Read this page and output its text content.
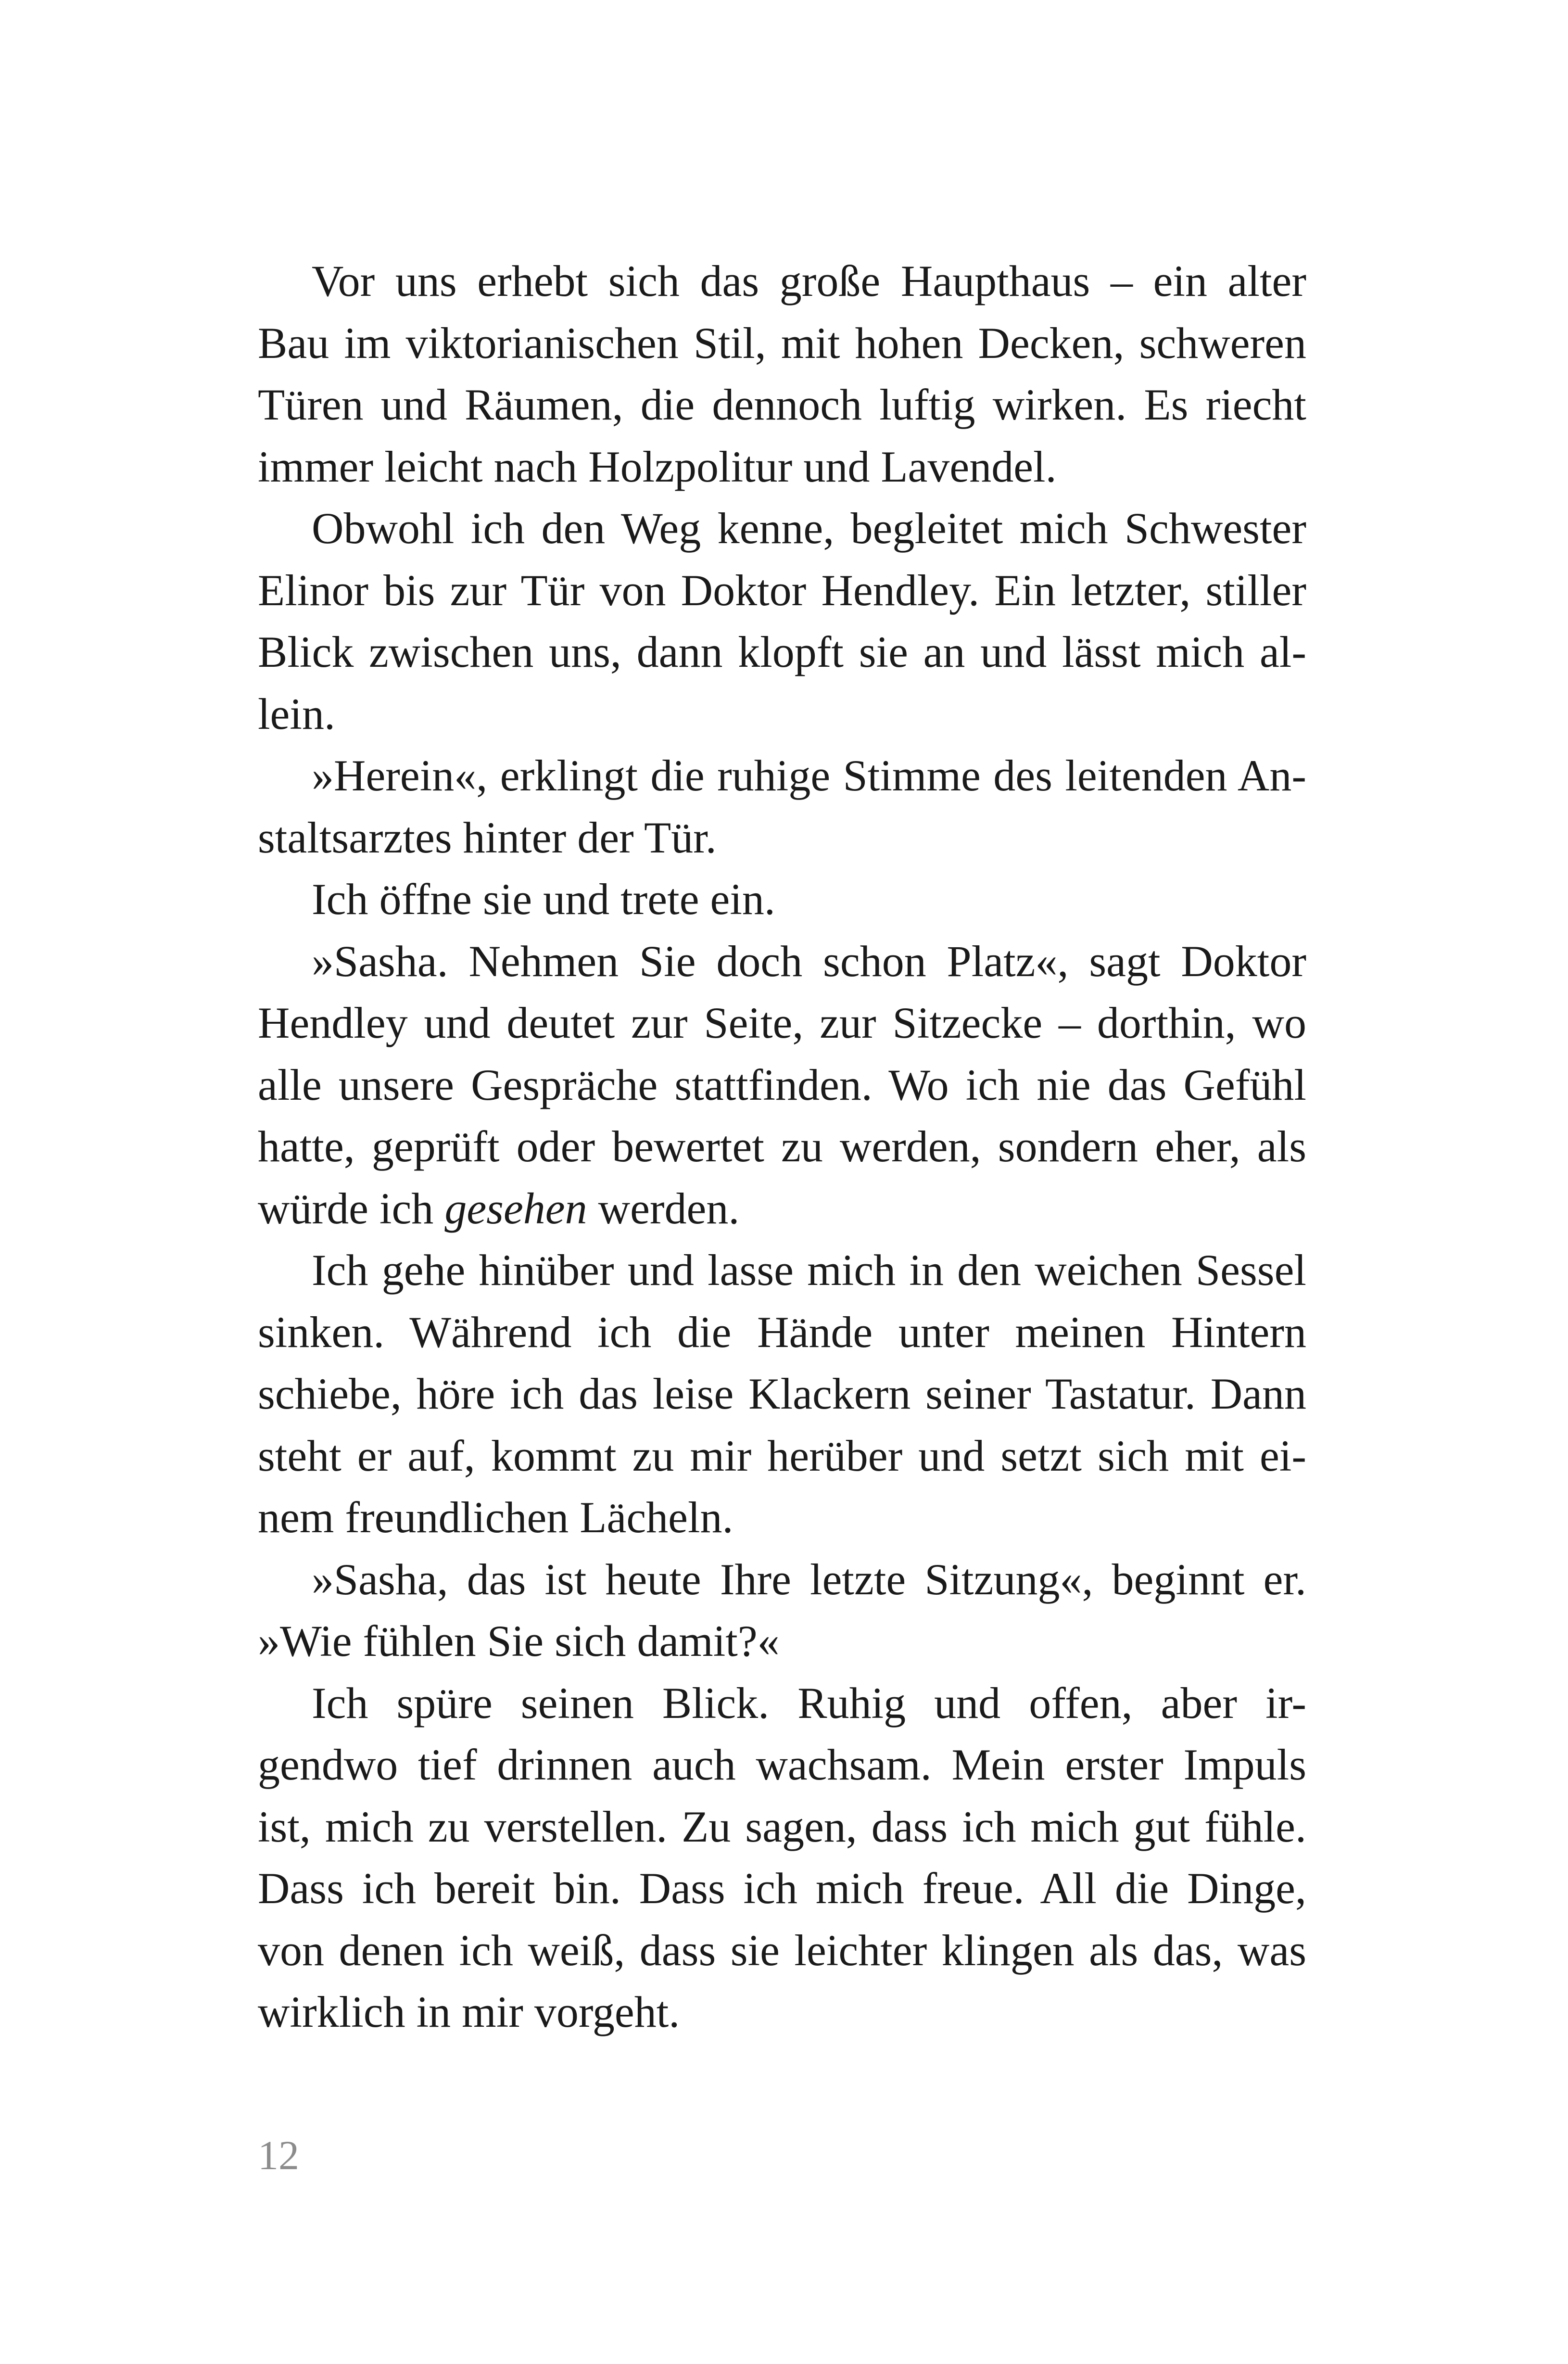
Vor uns erhebt sich das große Haupthaus – ein alter
Bau im viktorianischen Stil, mit hohen Decken, schweren
Türen und Räumen, die dennoch luftig wirken. Es riecht
immer leicht nach Holzpolitur und Lavendel.
Obwohl ich den Weg kenne, begleitet mich Schwester
Elinor bis zur Tür von Doktor Hendley. Ein letzter, stiller
Blick zwischen uns, dann klopft sie an und lässt mich al-
lein.
»Herein«, erklingt die ruhige Stimme des leitenden An-
staltsarztes hinter der Tür.
Ich öffne sie und trete ein.
»Sasha. Nehmen Sie doch schon Platz«, sagt Doktor
Hendley und deutet zur Seite, zur Sitzecke – dorthin, wo
alle unsere Gespräche stattfinden. Wo ich nie das Gefühl
hatte, geprüft oder bewertet zu werden, sondern eher, als
würde ich gesehen werden.
Ich gehe hinüber und lasse mich in den weichen Sessel
sinken. Während ich die Hände unter meinen Hintern
schiebe, höre ich das leise Klackern seiner Tastatur. Dann
steht er auf, kommt zu mir herüber und setzt sich mit ei-
nem freundlichen Lächeln.
»Sasha, das ist heute Ihre letzte Sitzung«, beginnt er.
»Wie fühlen Sie sich damit?«
Ich spüre seinen Blick. Ruhig und offen, aber ir-
gendwo tief drinnen auch wachsam. Mein erster Impuls
ist, mich zu verstellen. Zu sagen, dass ich mich gut fühle.
Dass ich bereit bin. Dass ich mich freue. All die Dinge,
von denen ich weiß, dass sie leichter klingen als das, was
wirklich in mir vorgeht.
12
